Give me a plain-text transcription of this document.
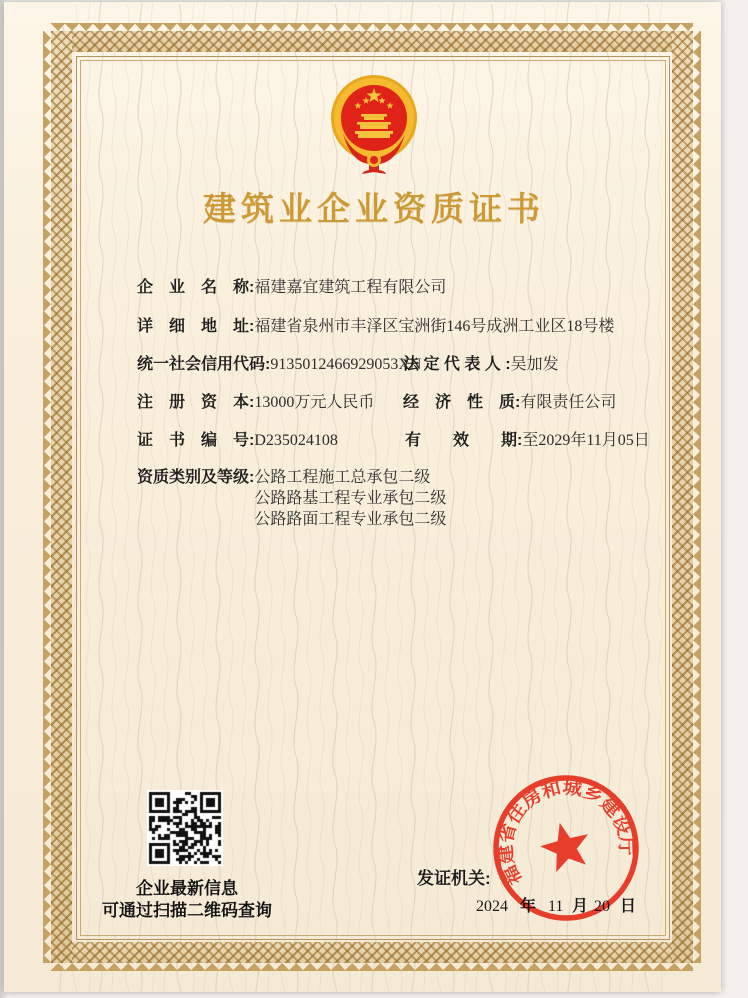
建筑业企业资质证书
企　业　名　称:福建嘉宜建筑工程有限公司
详　细　地　址:福建省泉州市丰泽区宝洲街146号成洲工业区18号楼
统一社会信用代码:9135012466929053XN
法 定 代 表 人 :吴加发
注　册　资　本:13000万元人民币 经　济　性　质:有限责任公司
证　书　编　号:D235024108	有　　效　　期:至2029年11月05日
资质类别及等级: 公路工程施工总承包二级
公路路基工程专业承包二级
公路路面工程专业承包二级
企业最新信息
可通过扫描二维码查询
发证机关:
2024 年 11 月 20 日
福建省住房和城乡建设厅
